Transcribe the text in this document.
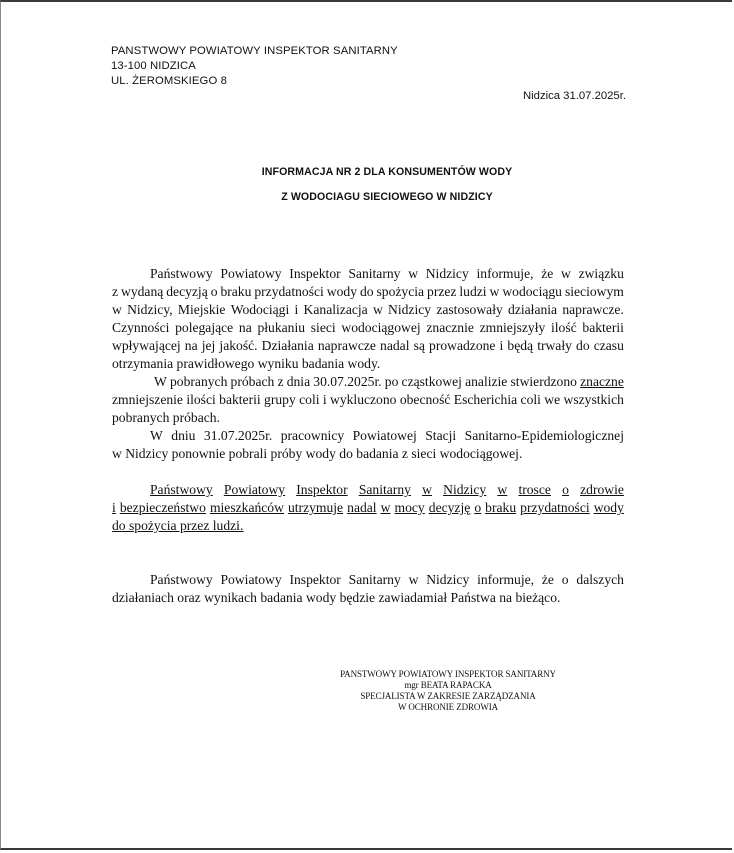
PANSTWOWY POWIATOWY INSPEKTOR SANITARNY
13-100 NIDZICA
UL. ŻEROMSKIEGO 8
Nidzica 31.07.2025r.
INFORMACJA NR 2 DLA KONSUMENTÓW WODY
Z WODOCIAGU SIECIOWEGO W NIDZICY
Państwowy Powiatowy Inspektor Sanitarny w Nidzicy informuje, że w związku
z wydaną decyzją o braku przydatności wody do spożycia przez ludzi w wodociągu sieciowym
w Nidzicy, Miejskie Wodociągi i Kanalizacja w Nidzicy zastosowały działania naprawcze.
Czynności polegające na płukaniu sieci wodociągowej znacznie zmniejszyły ilość bakterii
wpływającej na jej jakość. Działania naprawcze nadal są prowadzone i będą trwały do czasu
otrzymania prawidłowego wyniku badania wody.
W pobranych próbach z dnia 30.07.2025r. po cząstkowej analizie stwierdzono znaczne
zmniejszenie ilości bakterii grupy coli i wykluczono obecność Escherichia coli we wszystkich
pobranych próbach.
W dniu 31.07.2025r. pracownicy Powiatowej Stacji Sanitarno-Epidemiologicznej
w Nidzicy ponownie pobrali próby wody do badania z sieci wodociągowej.
Państwowy Powiatowy Inspektor Sanitarny w Nidzicy w trosce o zdrowie
i bezpieczeństwo mieszkańców utrzymuje nadal w mocy decyzję o braku przydatności wody
do spożycia przez ludzi.
Państwowy Powiatowy Inspektor Sanitarny w Nidzicy informuje, że o dalszych
działaniach oraz wynikach badania wody będzie zawiadamiał Państwa na bieżąco.
PANSTWOWY POWIATOWY INSPEKTOR SANITARNY
mgr BEATA RAPACKA
SPECJALISTA W ZAKRESIE ZARZĄDZANIA
W OCHRONIE ZDROWIA
